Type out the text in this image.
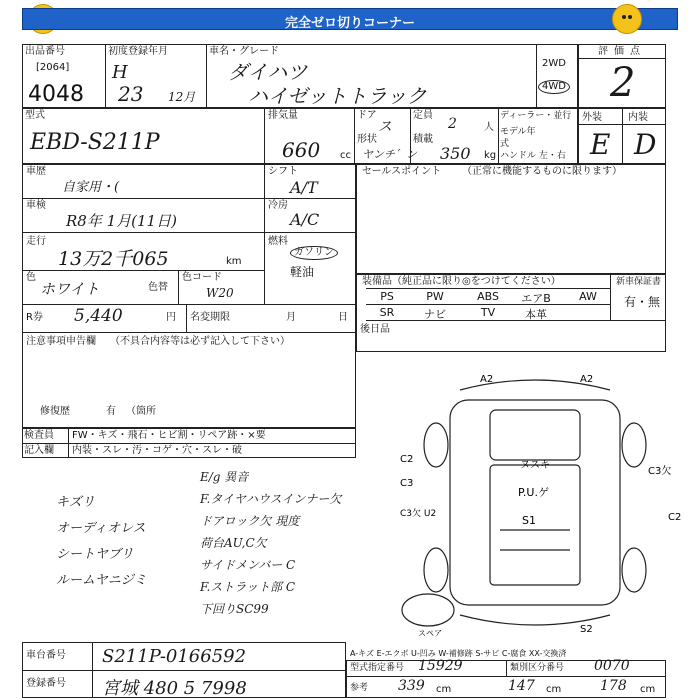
完全ゼロ切りコーナー
出品番号
[2064]
4048
初度登録年月
H
23 12月
車名・グレード
ダイハツ
ハイゼットトラック
2WD
4WD
評価点
2
型式
EBD-S211P
排気量
660 cc
ドア
ス
形状
ヤンチ゛ン
定員
2	人
積載
350 kg
ディーラー・並行
モデル年式
ハンドル 左・右
外装	内装
E D
車歴
自家用・(
シフト
A/T
車検
R8年 1月(11日)
冷房
A/C
走行
13万2千065	km
燃料
ガソリン
軽油
色
ホワイト	色替
色コード
W20
R券 5,440	円 名変期限	月	日
注意事項申告欄 （不具合内容等は必ず記入して下さい）
修復歴	有 （箇所
セールスポイント （正常に機能するものに限ります）
装備品（純正品に限り◎をつけてください）	新車保証書
有・無
PS	PW	ABS	エアB	AW
SR	ナビ	TV	本革
後日品
検査員 FW・キズ・飛石・ヒビ割・リペア跡・×要
記入欄 内装・スレ・汚・コゲ・穴・スレ・破
E/g 異音
F.タイヤハウスインナー欠
ドアロック欠 現度
荷台AU,C欠
サイドメンバー C
F.ストラット部 C
下回りSC99
キズリ
オーディオレス
シートヤブリ
ルームヤニジミ
A2	A2
C2
C3
C3欠 U2
C3欠
C2
ヌスキ
P.U.ゲ
S1
S2
スペア
A-キズ E-エクボ U-凹み W-補修跡 S-サビ C-腐食 XX-交換済
車台番号 S211P-0166592
登録番号 宮城 480 5 7998
型式指定番号 15929	類別区分番号 0070
参考 339 cm	147 cm	178 cm
